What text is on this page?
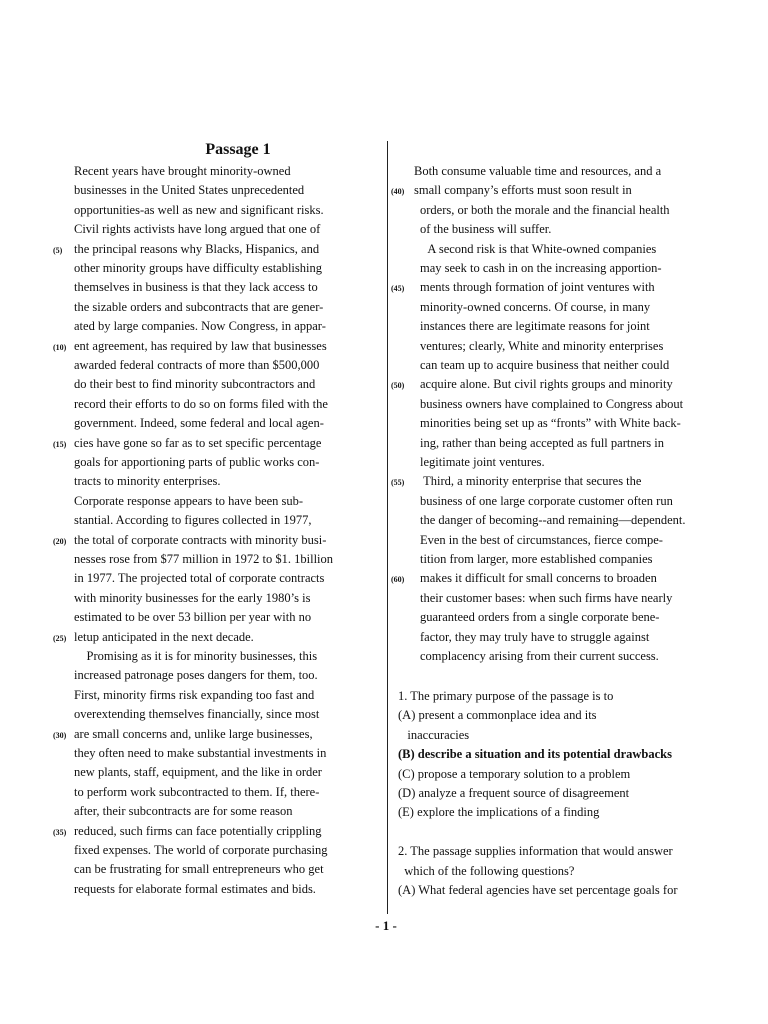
Passage 1
Recent years have brought minority-owned
businesses in the United States unprecedented
opportunities-as well as new and significant risks.
Civil rights activists have long argued that one of
the principal reasons why Blacks, Hispanics, and
(5)
other minority groups have difficulty establishing
themselves in business is that they lack access to
the sizable orders and subcontracts that are gener-
ated by large companies. Now Congress, in appar-
ent agreement, has required by law that businesses
(10)
awarded federal contracts of more than $500,000
do their best to find minority subcontractors and
record their efforts to do so on forms filed with the
government. Indeed, some federal and local agen-
cies have gone so far as to set specific percentage
(15)
goals for apportioning parts of public works con-
tracts to minority enterprises.
Corporate response appears to have been sub-
stantial. According to figures collected in 1977,
the total of corporate contracts with minority busi-
(20)
nesses rose from $77 million in 1972 to $1. 1billion
in 1977. The projected total of corporate contracts
with minority businesses for the early 1980’s is
estimated to be over 53 billion per year with no
letup anticipated in the next decade.
(25)
Promising as it is for minority businesses, this
increased patronage poses dangers for them, too.
First, minority firms risk expanding too fast and
overextending themselves financially, since most
are small concerns and, unlike large businesses,
(30)
they often need to make substantial investments in
new plants, staff, equipment, and the like in order
to perform work subcontracted to them. If, there-
after, their subcontracts are for some reason
reduced, such firms can face potentially crippling
(35)
fixed expenses. The world of corporate purchasing
can be frustrating for small entrepreneurs who get
requests for elaborate formal estimates and bids.
Both consume valuable time and resources, and a
small company’s efforts must soon result in
(40)
orders, or both the morale and the financial health
of the business will suffer.
A second risk is that White-owned companies
may seek to cash in on the increasing apportion-
ments through formation of joint ventures with
(45)
minority-owned concerns. Of course, in many
instances there are legitimate reasons for joint
ventures; clearly, White and minority enterprises
can team up to acquire business that neither could
acquire alone. But civil rights groups and minority
(50)
business owners have complained to Congress about
minorities being set up as “fronts” with White back-
ing, rather than being accepted as full partners in
legitimate joint ventures.
Third, a minority enterprise that secures the
(55)
business of one large corporate customer often run
the danger of becoming--and remaining—dependent.
Even in the best of circumstances, fierce compe-
tition from larger, more established companies
makes it difficult for small concerns to broaden
(60)
their customer bases: when such firms have nearly
guaranteed orders from a single corporate bene-
factor, they may truly have to struggle against
complacency arising from their current success.
1. The primary purpose of the passage is to
(A) present a commonplace idea and its
inaccuracies
(B) describe a situation and its potential drawbacks
(C) propose a temporary solution to a problem
(D) analyze a frequent source of disagreement
(E) explore the implications of a finding
2. The passage supplies information that would answer
which of the following questions?
(A) What federal agencies have set percentage goals for
- 1 -
